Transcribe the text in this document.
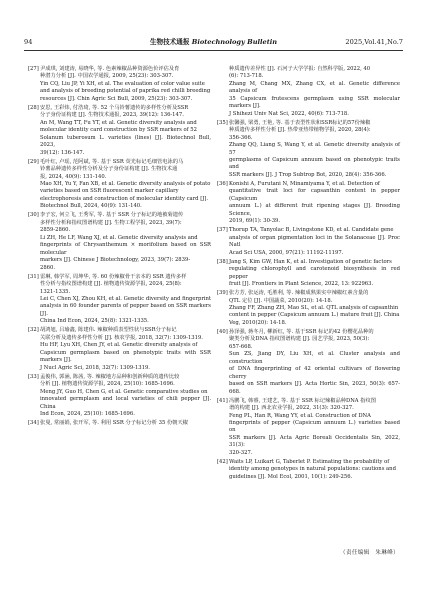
94	生物技术通报 Biotechnology Bulletin	2025,Vol.41,No.7
[27] 尹成琪, 刘建涛, 易晓华, 等. 色素辣椒品种资源色价评估及育
种潜力分析 [J]. 中国农学通报, 2009, 25(23): 303-307.
Yin CQ, Liu JP, Yi XH, et al. The evaluation of color value suite
and analysis of breeding potential of paprika red chilli breeding
resources [J]. Chin Agric Sci Bull, 2009, 25(23): 303-307.
[28] 安思, 王彩炜, 付浩琦, 等. 52 个马铃薯遗传的多样性分析及SSR
分子身份证构建 [J]. 生物技术通报, 2023, 39(12): 136-147.
An M, Wang TT, Fu YT, et al. Genetic diversity analysis and
molecular identity card construction by SSR markers of 52
Solanum tuberosum L. varieties (lines) [J]. Biotechnol Bull, 2023,
39(12): 136-147.
[29] 毛叶红, 卢瑶, 范阿斌, 等. 基于 SSR 荧光标记毛细管电泳的马
铃薯品种遗传多样性分析及分子身份证构建 [J]. 生物技术通
报, 2024, 40(9): 131-140.
Mao XH, Yu Y, Fan XB, et al. Genetic diversity analysis of potato
varieties based on SSR fluorescent marker capillary
electrophoresis and construction of molecular identity card [J].
Biotechnol Bull, 2024, 40(9): 131-140.
[30] 李子宏, 何立飞, 王秀军, 等. 基于 SSR 分子标记的地被菊遗传
多样性分析和指纹图谱构建 [J]. 生物工程学报, 2023, 39(7):
2859-2860.
Li ZH, He LF, Wang XJ, et al. Genetic diversity analysis and
fingerprints of Chrysanthemum × morifolium based on SSR molecular
markers [J]. Chinese J Biotechnology, 2023, 39(7): 2839-
2860.
[31] 雷琳, 韩学军, 周坤华, 等. 60 份辣椒骨干亲本的 SSR 遗传多样
性分析与指纹图谱构建 [J]. 植物遗传资源学报, 2024, 25(8):
1321-1335.
Lei C, Chen XJ, Zhou KH, et al. Genetic diversity and fingerprint
analysis in 60 founder parents of pepper based on SSR markers [J].
China Ind Econ, 2024, 25(8): 1321-1335.
[32] 胡鸿旭, 吕瑜鑫, 陈建伟. 辣椒种质表型性状与SSR分子标记
关联分析及遗传多样性分析 [J]. 核农学报, 2018, 32(7): 1309-1319.
Hu HF, Lyu XH, Chen JY, et al. Genetic diversity analysis of
Capsicum germplasm based on phenotypic traits with SSR markers [J].
J Nucl Agric Sci, 2018, 32(7): 1309-1319.
[33] 孟俊伟, 郭涵, 陈茜, 等. 辣椒地方品种和创新种质的遗传比较
分析 [J]. 植物遗传资源学报, 2024, 25(10): 1685-1696.
Meng JY, Guo H, Chen G, et al. Genetic comparative studies on
innovated germplasm and local varieties of chili pepper [J]. China
Ind Econ, 2024, 25(10): 1685-1696.
[34] 张曼, 常丽娟, 张开军, 等. 利用 SSR 分子标记分析 35 份朝天椒
种质遗传差异性 [J]. 石河子大学学报: 自然科学版, 2022, 40
(6): 713-718.
Zhang M, Chang MX, Zhang CX, et al. Genetic difference analysis of
35 Capsicum frutescens germplasm using SSR molecular markers [J].
J Shihezi Univ Nat Sci, 2022, 40(6): 713-718.
[35] 张馨强, 梁勇, 王艳, 等. 基于表型性状和SSR标记的57份辣椒
种质遗传多样性分析 [J]. 热带亚热带植物学报, 2020, 28(4):
356-366.
Zhang QQ, Liang S, Wang Y, et al. Genetic diversity analysis of 57
germplasms of Capsicum annuum based on phenotypic traits and
SSR markers [J]. J Trop Subtrop Bot, 2020, 28(4): 356-366.
[36] Konishi A, Furutani N, Minamiyama Y, et al. Detection of
quantitative trait loci for capsanthin content in pepper (Capsicum
annuum L.) at different fruit ripening stages [J]. Breeding Science,
2019, 69(1): 30-39.
[37] Thorup TA, Tanyolac B, Livingstone KD, et al. Candidate gene
analysis of organ pigmentation loci in the Solanaceae [J]. Proc Natl
Acad Sci USA, 2000, 97(21): 11192-11197.
[38] Jang S, Kim GW, Han K, et al. Investigation of genetic factors
regulating chlorophyll and carotenoid biosynthesis in red pepper
fruit [J]. Frontiers in Plant Science, 2022, 13: 922963.
[39] 张方芳, 张运涛, 毛胜利, 等. 辣椒成熟果实中辣椒红素含量的
QTL 定位 [J]. 中国蔬菜, 2010(20): 14-18.
Zhang FF, Zhang ZH, Mao SL, et al. QTL analysis of capsanthin
content in pepper (Capsicum annuum L.) mature fruit [J]. China
Veg, 2010(20): 14-18.
[40] 孙泽强, 蒋冬月, 柳新红, 等. 基于SSR 标记的42 份樱花品种的
聚类分析及DNA 指纹图谱构建 [J]. 园艺学报, 2023, 50(3):
657-668.
Sun ZS, Jiang DY, Liu XH, et al. Cluster analysis and construction
of DNA fingerprinting of 42 oriental cultivars of flowering cherry
based on SSR markers [J]. Acta Hortic Sin, 2023, 50(3): 657-668.
[41] 冯鹏飞, 韩睿, 王建艺, 等. 基于 SSR 标记辣椒品种DNA 指纹图
谱的构建 [J]. 西北农业学报, 2022, 31(3): 320-327.
Feng PL, Han R, Wang YY, et al. Construction of DNA
fingerprints of pepper (Capsicum annuum L.) varieties based on
SSR markers [J]. Acta Agric Boreali Occidentalis Sin, 2022, 31(3):
320-327.
[42] Waits LP, Luikart G, Taberlet P. Estimating the probability of
identity among genotypes in natural populations: cautions and
guidelines [J]. Mol Ecol, 2001, 10(1): 249-256.
（责任编辑　朱琳峰）
